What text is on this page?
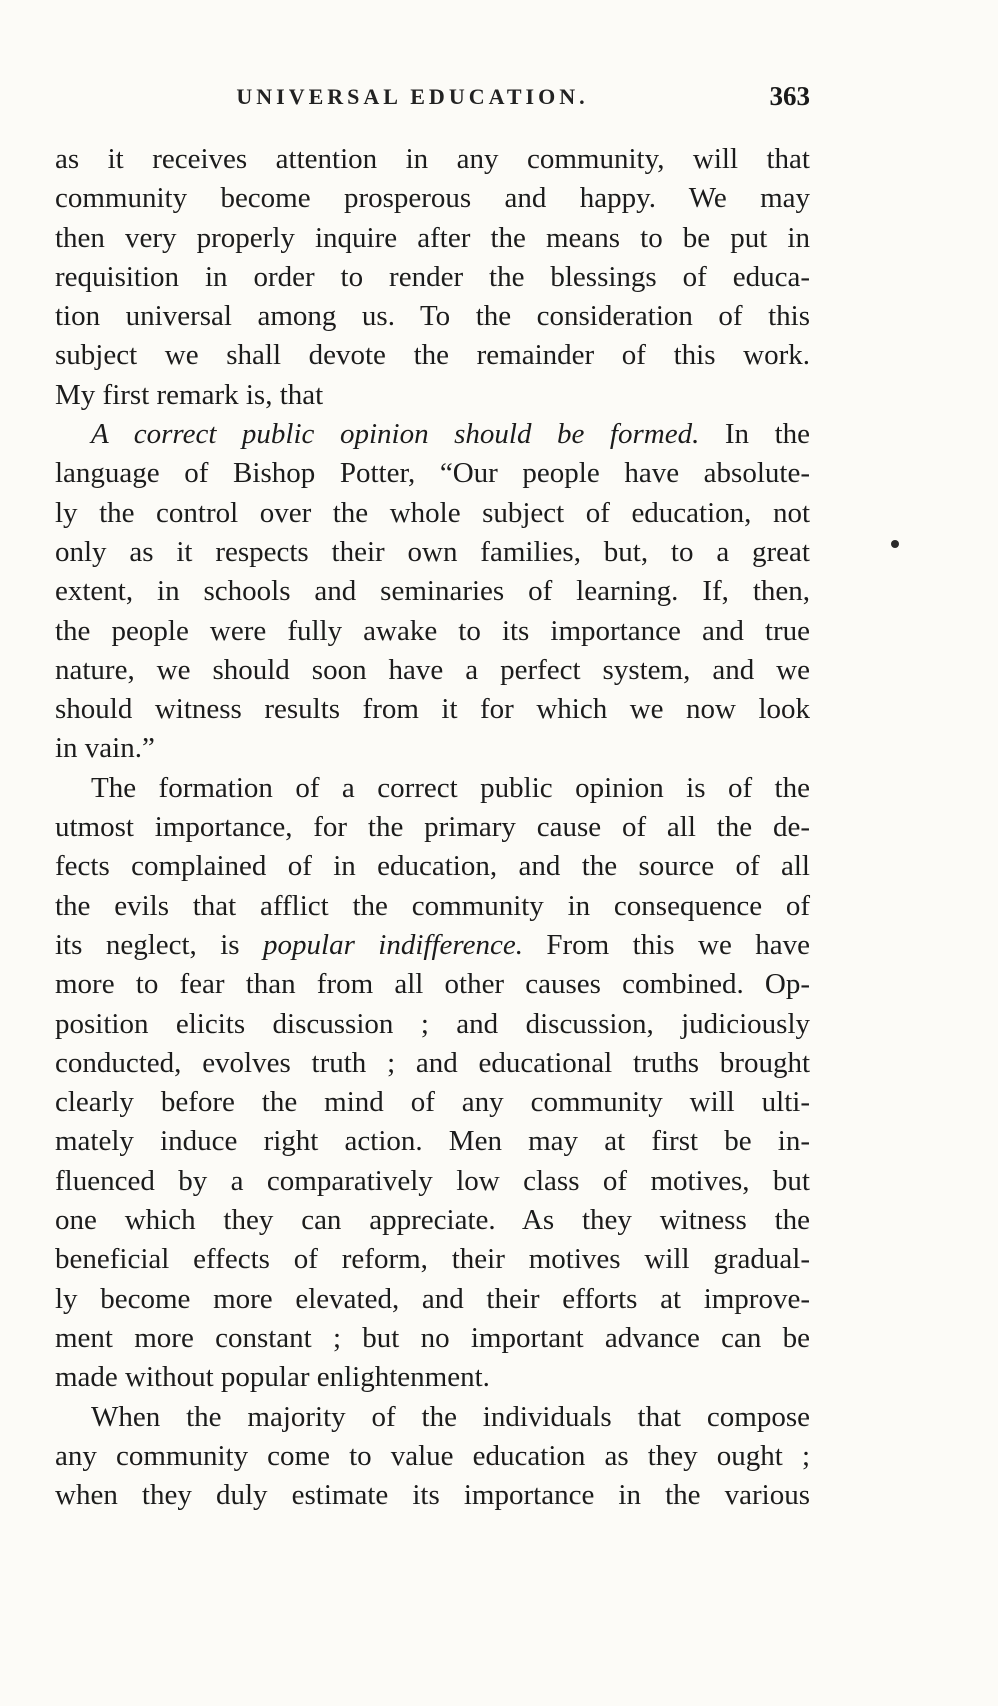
UNIVERSAL EDUCATION.	363
as it receives attention in any community, will that
community become prosperous and happy. We may
then very properly inquire after the means to be put in
requisition in order to render the blessings of educa-
tion universal among us. To the consideration of this
subject we shall devote the remainder of this work.
My first remark is, that
A correct public opinion should be formed. In the
language of Bishop Potter, “Our people have absolute-
ly the control over the whole subject of education, not
only as it respects their own families, but, to a great
extent, in schools and seminaries of learning. If, then,
the people were fully awake to its importance and true
nature, we should soon have a perfect system, and we
should witness results from it for which we now look
in vain.”
The formation of a correct public opinion is of the
utmost importance, for the primary cause of all the de-
fects complained of in education, and the source of all
the evils that afflict the community in consequence of
its neglect, is popular indifference. From this we have
more to fear than from all other causes combined. Op-
position elicits discussion ; and discussion, judiciously
conducted, evolves truth ; and educational truths brought
clearly before the mind of any community will ulti-
mately induce right action. Men may at first be in-
fluenced by a comparatively low class of motives, but
one which they can appreciate. As they witness the
beneficial effects of reform, their motives will gradual-
ly become more elevated, and their efforts at improve-
ment more constant ; but no important advance can be
made without popular enlightenment.
When the majority of the individuals that compose
any community come to value education as they ought ;
when they duly estimate its importance in the various
